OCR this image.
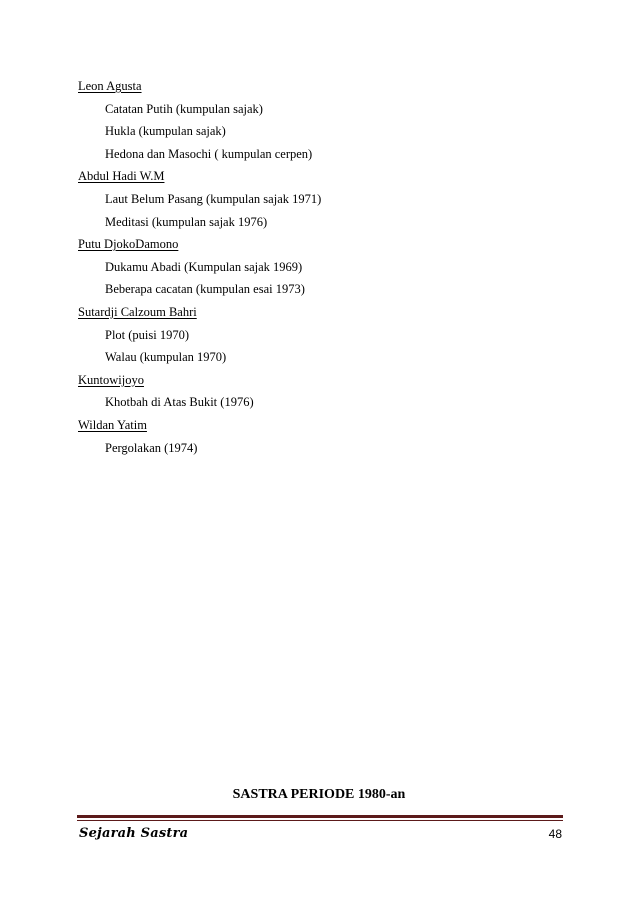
Leon Agusta
Catatan Putih (kumpulan sajak)
Hukla (kumpulan sajak)
Hedona dan Masochi ( kumpulan cerpen)
Abdul Hadi W.M
Laut Belum Pasang (kumpulan sajak 1971)
Meditasi (kumpulan sajak 1976)
Putu DjokoDamono
Dukamu Abadi (Kumpulan sajak 1969)
Beberapa cacatan (kumpulan esai 1973)
Sutardji Calzoum Bahri
Plot (puisi 1970)
Walau (kumpulan 1970)
Kuntowijoyo
Khotbah di Atas Bukit (1976)
Wildan Yatim
Pergolakan (1974)
SASTRA PERIODE 1980-an
Sejarah Sastra	48
